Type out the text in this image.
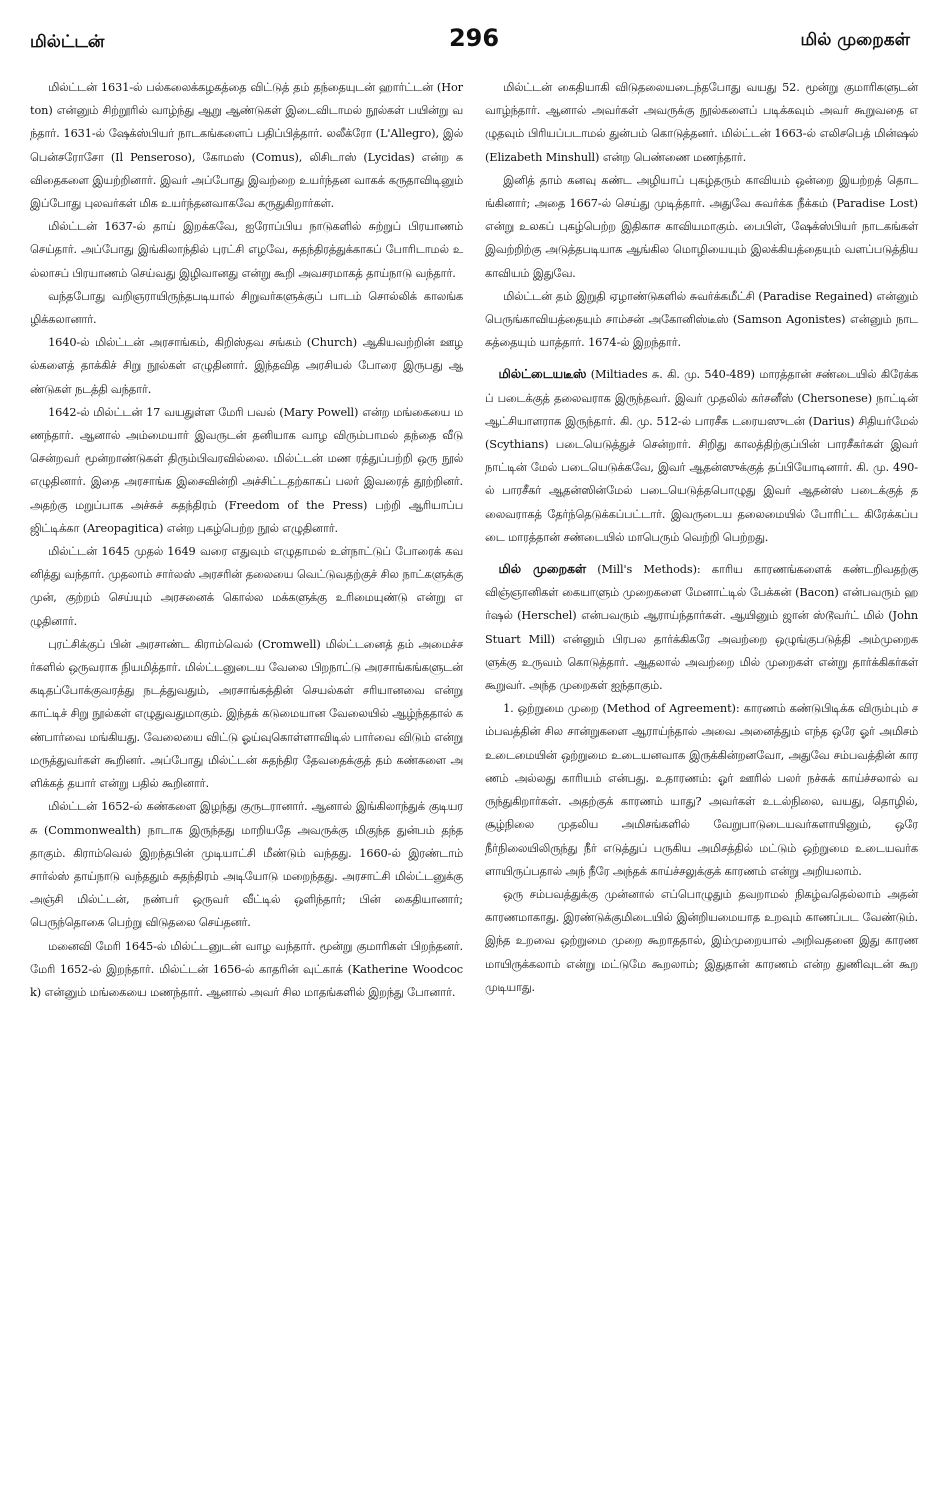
மில்ட்டன்	296	மில் முறைகள்

மில்ட்டன் 1631-ல் பல்கலைக்கழகத்தை விட்டுத் தம் தந்தையுடன் ஹார்ட்டன் (Horton) என்னும் சிற்றூரில் வாழ்ந்து ஆறு ஆண்டுகள் இடைவிடாமல் நூல்கள் பயின்று வந்தார். 1631-ல் ஷேக்ஸ்பியர் நாடகங்களைப் பதிப்பித்தார். லலீக்ரோ (L'Allegro), இல் பென்சரோசோ (Il Penseroso), கோமஸ் (Comus), லிசிடாஸ் (Lycidas) என்ற கவிதைகளை இயற்றினார். இவர் அப்போது இவற்றை உயர்ந்தன வாகக் கருதாவிடினும் இப்போது புலவர்கள் மிக உயர்ந்தனவாகவே கருதுகிறார்கள்.

மில்ட்டன் 1637-ல் தாய் இறக்கவே, ஐரோப்பிய நாடுகளில் சுற்றுப் பிரயாணம் செய்தார். அப்போது இங்கிலாந்தில் புரட்சி எழவே, சுதந்திரத்துக்காகப் போரிடாமல் உல்லாசப் பிரயாணம் செய்வது இழிவானது என்று கூறி அவசரமாகத் தாய்நாடு வந்தார்.

வந்தபோது வறிஞராயிருந்தபடியால் சிறுவர்களுக்குப் பாடம் சொல்லிக் காலங்கழிக்கலானார்.

1640-ல் மில்ட்டன் அரசாங்கம், கிறிஸ்தவ சங்கம் (Church) ஆகியவற்றின் ஊழல்களைத் தாக்கிச் சிறு நூல்கள் எழுதினார். இந்தவித அரசியல் போரை இருபது ஆண்டுகள் நடத்தி வந்தார்.

1642-ல் மில்ட்டன் 17 வயதுள்ள மேரி பவல் (Mary Powell) என்ற மங்கையை மணந்தார். ஆனால் அம்மையார் இவருடன் தனியாக வாழ விரும்பாமல் தந்தை வீடு சென்றவர் மூன்றாண்டுகள் திரும்பிவரவில்லை. மில்ட்டன் மண ரத்துப்பற்றி ஒரு நூல் எழுதினார். இதை அரசாங்க இசைவின்றி அச்சிட்டதற்காகப் பலர் இவரைத் தூற்றினர். அதற்கு மறுப்பாக அச்சுச் சுதந்திரம் (Freedom of the Press) பற்றி ஆரியாப்ப ஜிட்டிக்கா (Areopagitica) என்ற புகழ்பெற்ற நூல் எழுதினார்.

மில்ட்டன் 1645 முதல் 1649 வரை எதுவும் எழுதாமல் உள்நாட்டுப் போரைக் கவனித்து வந்தார். முதலாம் சார்லஸ் அரசரின் தலையை வெட்டுவதற்குச் சில நாட்களுக்கு முன், குற்றம் செய்யும் அரசனைக் கொல்ல மக்களுக்கு உரிமையுண்டு என்று எழுதினார்.

புரட்சிக்குப் பின் அரசாண்ட கிராம்வெல் (Cromwell) மில்ட்டனைத் தம் அமைச்சர்களில் ஒருவராக நியமித்தார். மில்ட்டனுடைய வேலை பிறநாட்டு அரசாங்கங்களுடன் கடிதப்போக்குவரத்து நடத்துவதும், அரசாங்கத்தின் செயல்கள் சரியானவை என்று காட்டிச் சிறு நூல்கள் எழுதுவதுமாகும். இந்தக் கடுமையான வேலையில் ஆழ்ந்ததால் கண்பார்வை மங்கியது. வேலையை விட்டு ஓய்வுகொள்ளாவிடில் பார்வை விடும் என்று மருத்துவர்கள் கூறினர். அப்போது மில்ட்டன் சுதந்திர தேவதைக்குத் தம் கண்களை அளிக்கத் தயார் என்று பதில் கூறினார்.

மில்ட்டன் 1652-ல் கண்களை இழந்து குருடரானார். ஆனால் இங்கிலாந்துக் குடியரசு (Commonwealth) நாடாக இருந்தது மாறியதே அவருக்கு மிகுந்த துன்பம் தந்ததாகும். கிராம்வெல் இறந்தபின் முடியாட்சி மீண்டும் வந்தது. 1660-ல் இரண்டாம் சார்ல்ஸ் தாய்நாடு வந்ததும் சுதந்திரம் அடியோடு மறைந்தது. அரசாட்சி மில்ட்டனுக்கு அஞ்சி மில்ட்டன், நண்பர் ஒருவர் வீட்டில் ஒளிந்தார்; பின் கைதியானார்; பெருந்தொகை பெற்று விடுதலை செய்தனர்.

மனைவி மேரி 1645-ல் மில்ட்டனுடன் வாழ வந்தார். மூன்று குமாரிகள் பிறந்தனர். மேரி 1652-ல் இறந்தார். மில்ட்டன் 1656-ல் காதரின் வுட்காக் (Katherine Woodcock) என்னும் மங்கையை மணந்தார். ஆனால் அவர் சில மாதங்களில் இறந்து போனார்.

மில்ட்டன் கைதியாகி விடுதலையடைந்தபோது வயது 52. மூன்று குமாரிகளுடன் வாழ்ந்தார். ஆனால் அவர்கள் அவருக்கு நூல்களைப் படிக்கவும் அவர் கூறுவதை எழுதவும் பிரியப்படாமல் துன்பம் கொடுத்தனர். மில்ட்டன் 1663-ல் எலிசபெத் மின்ஷல் (Elizabeth Minshull) என்ற பெண்ணை மணந்தார்.

இனித் தாம் கனவு கண்ட அழியாப் புகழ்தரும் காவியம் ஒன்றை இயற்றத் தொடங்கினார்; அதை 1667-ல் செய்து முடித்தார். அதுவே சுவர்க்க நீக்கம் (Paradise Lost) என்று உலகப் புகழ்பெற்ற இதிகாச காவியமாகும். பைபிள், ஷேக்ஸ்பியர் நாடகங்கள் இவற்றிற்கு அடுத்தபடியாக ஆங்கில மொழியையும் இலக்கியத்தையும் வளப்படுத்திய காவியம் இதுவே.

மில்ட்டன் தம் இறுதி ஏழாண்டுகளில் சுவர்க்கமீட்சி (Paradise Regained) என்னும் பெருங்காவியத்தையும் சாம்சன் அகோனிஸ்டீஸ் (Samson Agonistes) என்னும் நாடகத்தையும் யாத்தார். 1674-ல் இறந்தார்.

மில்ட்டையடீஸ் (Miltiades சு. கி. மு. 540-489) மாரத்தான் சண்டையில் கிரேக்கப் படைக்குத் தலைவராக இருந்தவர். இவர் முதலில் கர்சனீஸ் (Chersonese) நாட்டின் ஆட்சியாளராக இருந்தார். கி. மு. 512-ல் பாரசீக டரையஸுடன் (Darius) சிதியர்மேல் (Scythians) படையெடுத்துச் சென்றார். சிறிது காலத்திற்குப்பின் பாரசீகர்கள் இவர் நாட்டின் மேல் படையெடுக்கவே, இவர் ஆதன்ஸுக்குத் தப்பியோடினார். கி. மு. 490-ல் பாரசீகர் ஆதன்ஸின்மேல் படையெடுத்தபொழுது இவர் ஆதன்ஸ் படைக்குத் தலைவராகத் தேர்ந்தெடுக்கப்பட்டார். இவருடைய தலைமையில் போரிட்ட கிரேக்கப்படை மாரத்தான் சண்டையில் மாபெரும் வெற்றி பெற்றது.

மில் முறைகள் (Mill's Methods): காரிய காரணங்களைக் கண்டறிவதற்கு விஞ்ஞானிகள் கையாளும் முறைகளை மேனாட்டில் பேக்கன் (Bacon) என்பவரும் ஹர்ஷல் (Herschel) என்பவரும் ஆராய்ந்தார்கள். ஆயினும் ஜான் ஸ்டூவர்ட் மில் (John Stuart Mill) என்னும் பிரபல தார்க்கிகரே அவற்றை ஒழுங்குபடுத்தி அம்முறைகளுக்கு உருவம் கொடுத்தார். ஆதலால் அவற்றை மில் முறைகள் என்று தார்க்கிகர்கள் கூறுவர். அந்த முறைகள் ஐந்தாகும்.

1. ஒற்றுமை முறை (Method of Agreement): காரணம் கண்டுபிடிக்க விரும்பும் சம்பவத்தின் சில சான்றுகளை ஆராய்ந்தால் அவை அனைத்தும் எந்த ஒரே ஓர் அமிசம் உடைமையின் ஒற்றுமை உடையனவாக இருக்கின்றனவோ, அதுவே சம்பவத்தின் காரணம் அல்லது காரியம் என்பது. உதாரணம்: ஓர் ஊரில் பலர் நச்சுக் காய்ச்சலால் வருந்துகிறார்கள். அதற்குக் காரணம் யாது? அவர்கள் உடல்நிலை, வயது, தொழில், சூழ்நிலை முதலிய அமிசங்களில் வேறுபாடுடையவர்களாயினும், ஒரே நீர்நிலையிலிருந்து நீர் எடுத்துப் பருகிய அமிசத்தில் மட்டும் ஒற்றுமை உடையவர்களாயிருப்பதால் அந் நீரே அந்தக் காய்ச்சலுக்குக் காரணம் என்று அறியலாம்.

ஒரு சம்பவத்துக்கு முன்னால் எப்பொழுதும் தவறாமல் நிகழ்வதெல்லாம் அதன் காரணமாகாது. இரண்டுக்குமிடையில் இன்றியமையாத உறவும் காணப்பட வேண்டும். இந்த உறவை ஒற்றுமை முறை கூறாததால், இம்முறையால் அறிவதனை இது காரணமாயிருக்கலாம் என்று மட்டுமே கூறலாம்; இதுதான் காரணம் என்ற துணிவுடன் கூற முடியாது.
